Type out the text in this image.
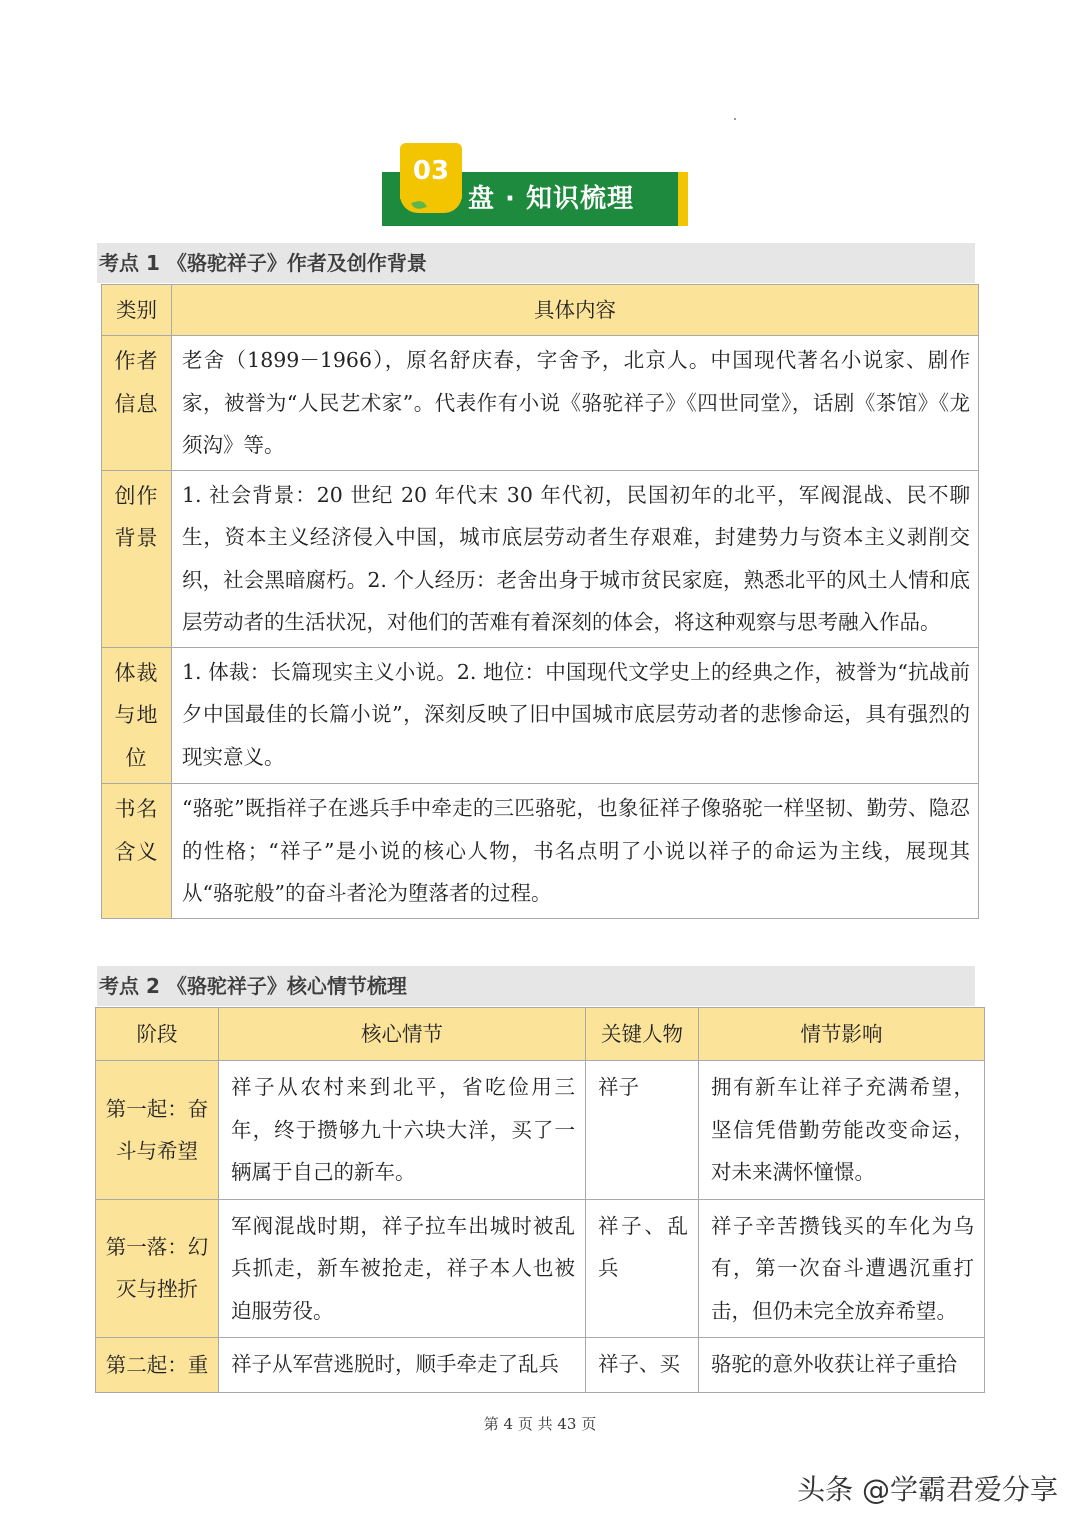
03
盘 · 知识梳理
考点 1 《骆驼祥子》作者及创作背景
类别	具体内容
作者信息	老舍（1899－1966），原名舒庆春，字舍予，北京人。中国现代著名小说家、剧作家，被誉为“人民艺术家”。代表作有小说《骆驼祥子》《四世同堂》，话剧《茶馆》《龙须沟》等。
创作背景	1. 社会背景：20 世纪 20 年代末 30 年代初，民国初年的北平，军阀混战、民不聊生，资本主义经济侵入中国，城市底层劳动者生存艰难，封建势力与资本主义剥削交织，社会黑暗腐朽。2. 个人经历：老舍出身于城市贫民家庭，熟悉北平的风土人情和底层劳动者的生活状况，对他们的苦难有着深刻的体会，将这种观察与思考融入作品。
体裁与地位	1. 体裁：长篇现实主义小说。2. 地位：中国现代文学史上的经典之作，被誉为“抗战前夕中国最佳的长篇小说”，深刻反映了旧中国城市底层劳动者的悲惨命运，具有强烈的现实意义。
书名含义	“骆驼”既指祥子在逃兵手中牵走的三匹骆驼，也象征祥子像骆驼一样坚韧、勤劳、隐忍的性格；“祥子”是小说的核心人物，书名点明了小说以祥子的命运为主线，展现其从“骆驼般”的奋斗者沦为堕落者的过程。
考点 2 《骆驼祥子》核心情节梳理
阶段	核心情节	关键人物	情节影响
第一起：奋斗与希望	祥子从农村来到北平，省吃俭用三年，终于攒够九十六块大洋，买了一辆属于自己的新车。	祥子	拥有新车让祥子充满希望，坚信凭借勤劳能改变命运，对未来满怀憧憬。
第一落：幻灭与挫折	军阀混战时期，祥子拉车出城时被乱兵抓走，新车被抢走，祥子本人也被迫服劳役。	祥子、乱兵	祥子辛苦攒钱买的车化为乌有，第一次奋斗遭遇沉重打击，但仍未完全放弃希望。
第二起：重	祥子从军营逃脱时，顺手牵走了乱兵	祥子、买	骆驼的意外收获让祥子重拾
第 4 页 共 43 页
头条 @学霸君爱分享
